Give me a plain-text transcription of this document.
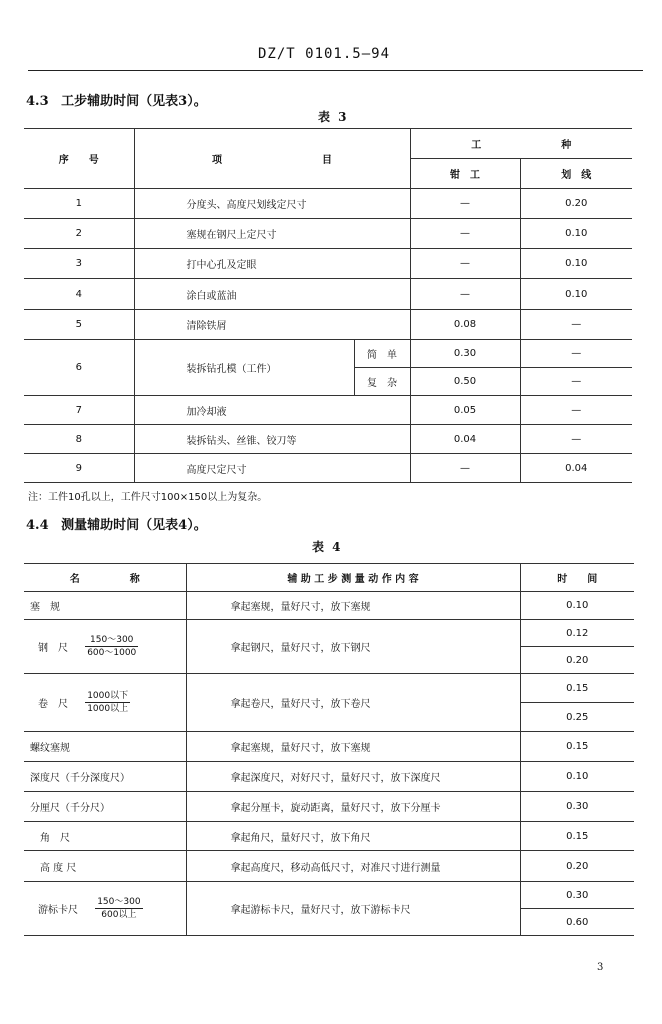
DZ/T 0101.5—94
4.3 工步辅助时间（见表3）。
表 3
序　　号	项　　　　　　　　　　目		工　　　　　　　　种	
			钳　工	划　线
1	分度头、高度尺划线定尺寸		—	0.20
2	塞规在钢尺上定尺寸		—	0.10
3	打中心孔及定眼		—	0.10
4	涂白或蓝油		—	0.10
5	清除铁屑		0.08	—
6	装拆钻孔模（工件）	简　单	0.30	—
		复　杂	0.50	—
7	加冷却液		0.05	—
8	装拆钻头、丝锥、铰刀等		0.04	—
9	高度尺定尺寸		—	0.04
注：工件10孔以上，工件尺寸100×150以上为复杂。
4.4 测量辅助时间（见表4）。
表 4
名　　　　　称	辅 助 工 步 测 量 动 作 内 容	时　　间
塞　规	拿起塞规，量好尺寸，放下塞规	0.10
钢　尺 $\frac{150\sim 300}{600\sim 1000}$	拿起钢尺，量好尺寸，放下钢尺	0.12
		0.20
卷　尺 $\frac{\text{1000以下}}{\text{1000以上}}$	拿起卷尺，量好尺寸，放下卷尺	0.15
		0.25
螺纹塞规	拿起塞规，量好尺寸，放下塞规	0.15
深度尺（千分深度尺）	拿起深度尺，对好尺寸，量好尺寸，放下深度尺	0.10
分厘尺（千分尺）	拿起分厘卡，旋动距离，量好尺寸，放下分厘卡	0.30
角　尺	拿起角尺，量好尺寸，放下角尺	0.15
高 度 尺	拿起高度尺，移动高低尺寸，对准尺寸进行测量	0.20
游标卡尺 $\frac{150\sim 300}{\text{600以上}}$	拿起游标卡尺，量好尺寸，放下游标卡尺	0.30
		0.60
3
